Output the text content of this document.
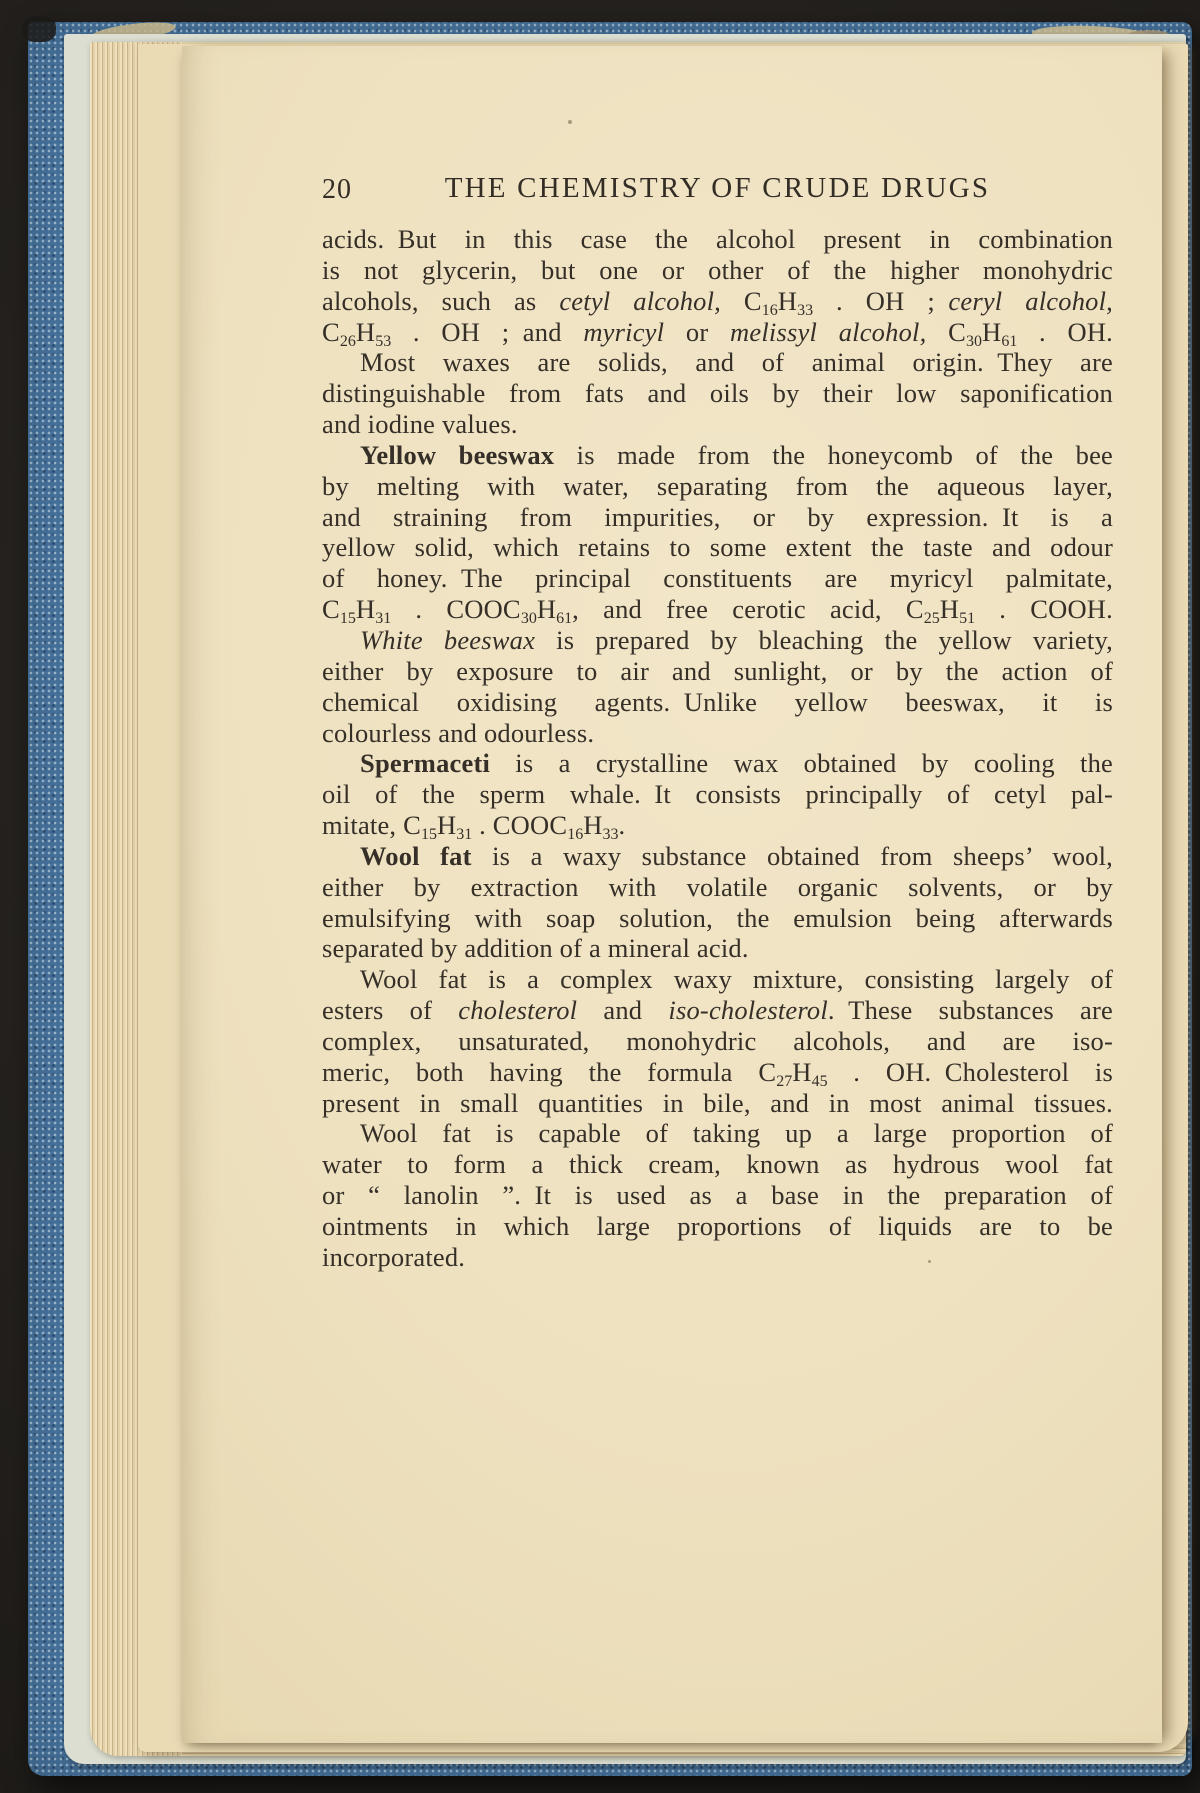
20	THE CHEMISTRY OF CRUDE DRUGS
acids. But in this case the alcohol present in combination
is not glycerin, but one or other of the higher monohydric
alcohols, such as cetyl alcohol, $C_{16}H_{33}$ . OH ; ceryl alcohol,
$C_{26}H_{53}$ . OH ; and myricyl or melissyl alcohol, $C_{30}H_{61}$ . OH.
Most waxes are solids, and of animal origin. They are
distinguishable from fats and oils by their low saponification
and iodine values.
Yellow beeswax is made from the honeycomb of the bee
by melting with water, separating from the aqueous layer,
and straining from impurities, or by expression. It is a
yellow solid, which retains to some extent the taste and odour
of honey. The principal constituents are myricyl palmitate,
$C_{15}H_{31}$ . $COOC_{30}H_{61}$, and free cerotic acid, $C_{25}H_{51}$ . COOH.
White beeswax is prepared by bleaching the yellow variety,
either by exposure to air and sunlight, or by the action of
chemical oxidising agents. Unlike yellow beeswax, it is
colourless and odourless.
Spermaceti is a crystalline wax obtained by cooling the
oil of the sperm whale. It consists principally of cetyl pal-
mitate, $C_{15}H_{31}$ . $COOC_{16}H_{33}$.
Wool fat is a waxy substance obtained from sheeps’ wool,
either by extraction with volatile organic solvents, or by
emulsifying with soap solution, the emulsion being afterwards
separated by addition of a mineral acid.
Wool fat is a complex waxy mixture, consisting largely of
esters of cholesterol and iso-cholesterol. These substances are
complex, unsaturated, monohydric alcohols, and are iso-
meric, both having the formula $C_{27}H_{45}$ . OH. Cholesterol is
present in small quantities in bile, and in most animal tissues.
Wool fat is capable of taking up a large proportion of
water to form a thick cream, known as hydrous wool fat
or “ lanolin ”. It is used as a base in the preparation of
ointments in which large proportions of liquids are to be
incorporated.
